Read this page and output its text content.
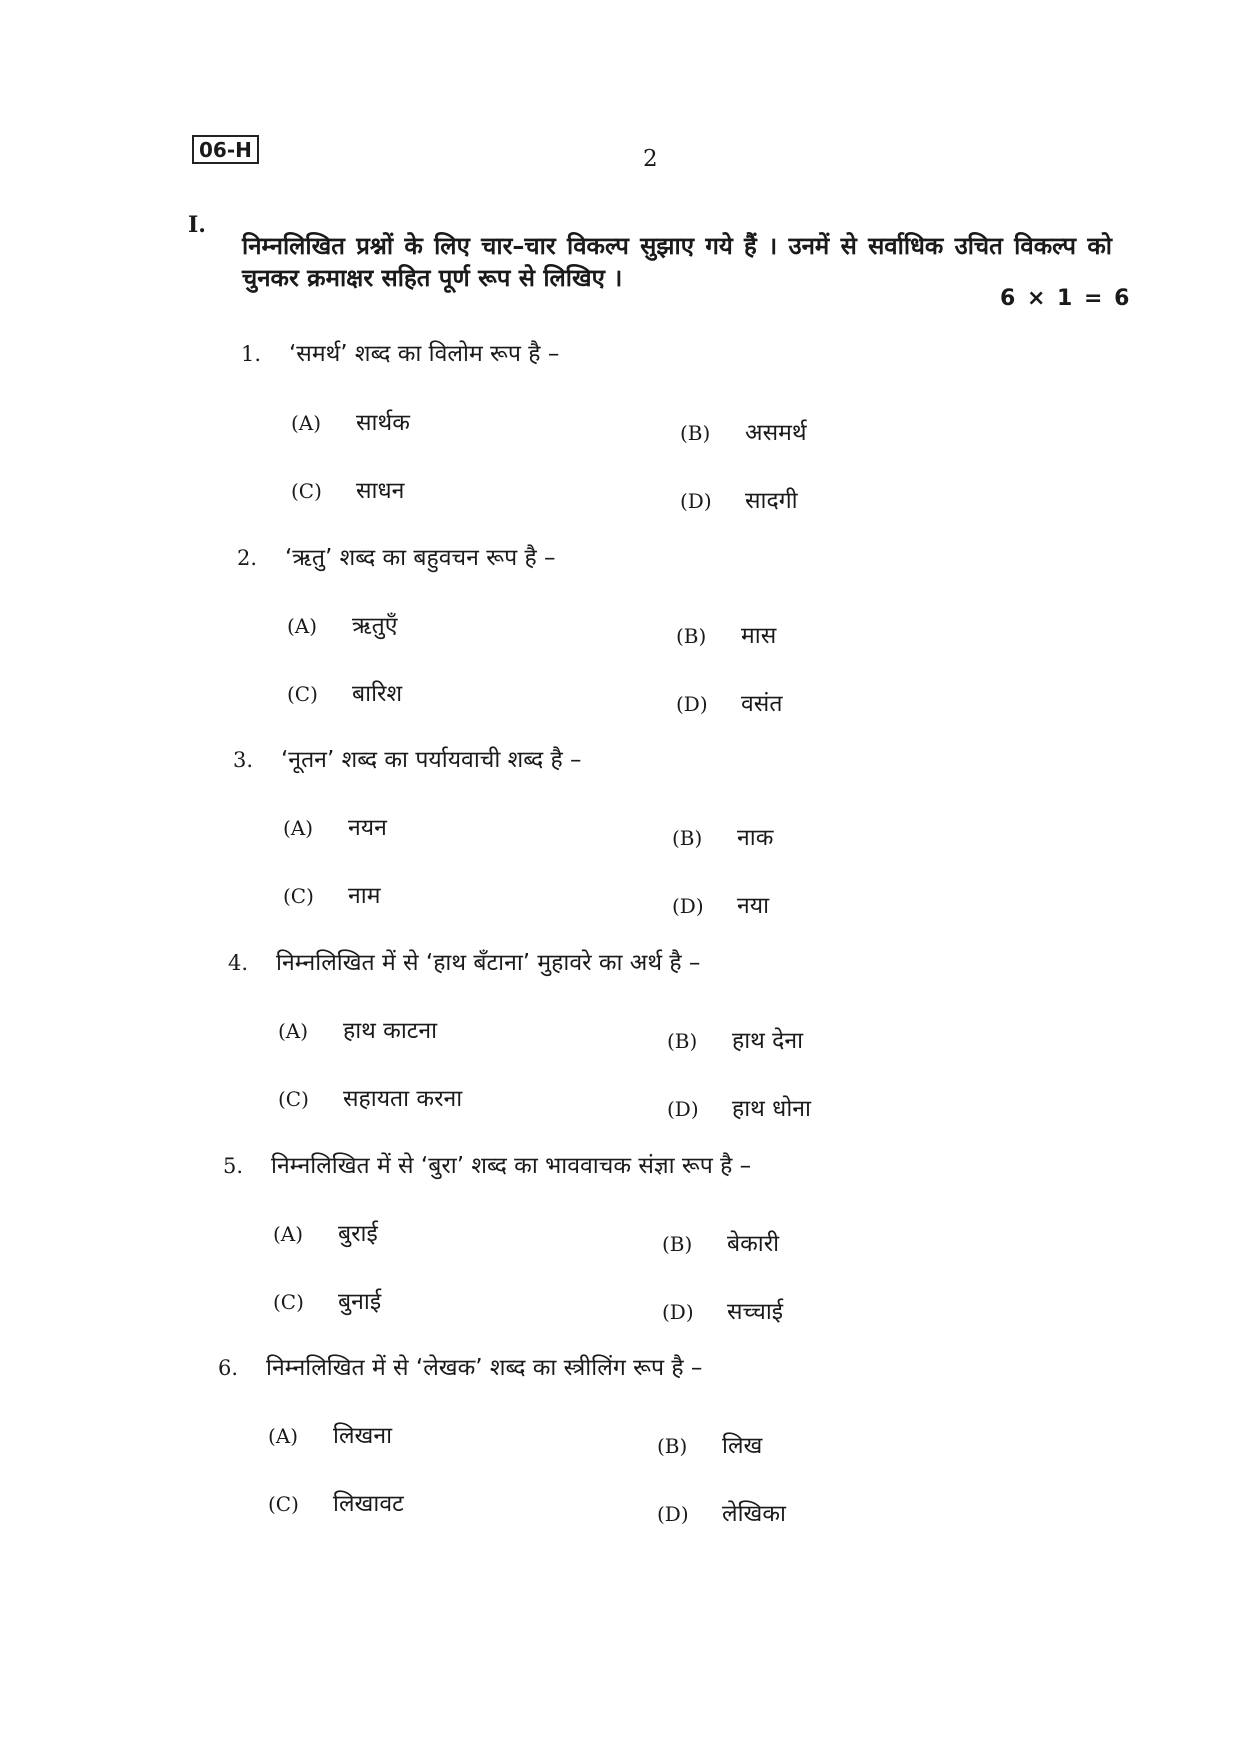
06-H	2
I.
निम्नलिखित प्रश्नों के लिए चार–चार विकल्प सुझाए गये हैं । उनमें से सर्वाधिक उचित विकल्प को
चुनकर क्रमाक्षर सहित पूर्ण रूप से लिखिए ।
6 × 1 = 6
1. ‘समर्थ’ शब्द का विलोम रूप है –
(A) सार्थक	(B) असमर्थ
(C) साधन	(D) सादगी
2. ‘ऋतु’ शब्द का बहुवचन रूप है –
(A) ऋतुएँ	(B) मास
(C) बारिश	(D) वसंत
3. ‘नूतन’ शब्द का पर्यायवाची शब्द है –
(A) नयन	(B) नाक
(C) नाम	(D) नया
4. निम्नलिखित में से ‘हाथ बँटाना’ मुहावरे का अर्थ है –
(A) हाथ काटना	(B) हाथ देना
(C) सहायता करना	(D) हाथ धोना
5. निम्नलिखित में से ‘बुरा’ शब्द का भाववाचक संज्ञा रूप है –
(A) बुराई	(B) बेकारी
(C) बुनाई	(D) सच्चाई
6. निम्नलिखित में से ‘लेखक’ शब्द का स्त्रीलिंग रूप है –
(A) लिखना	(B) लिख
(C) लिखावट	(D) लेखिका
